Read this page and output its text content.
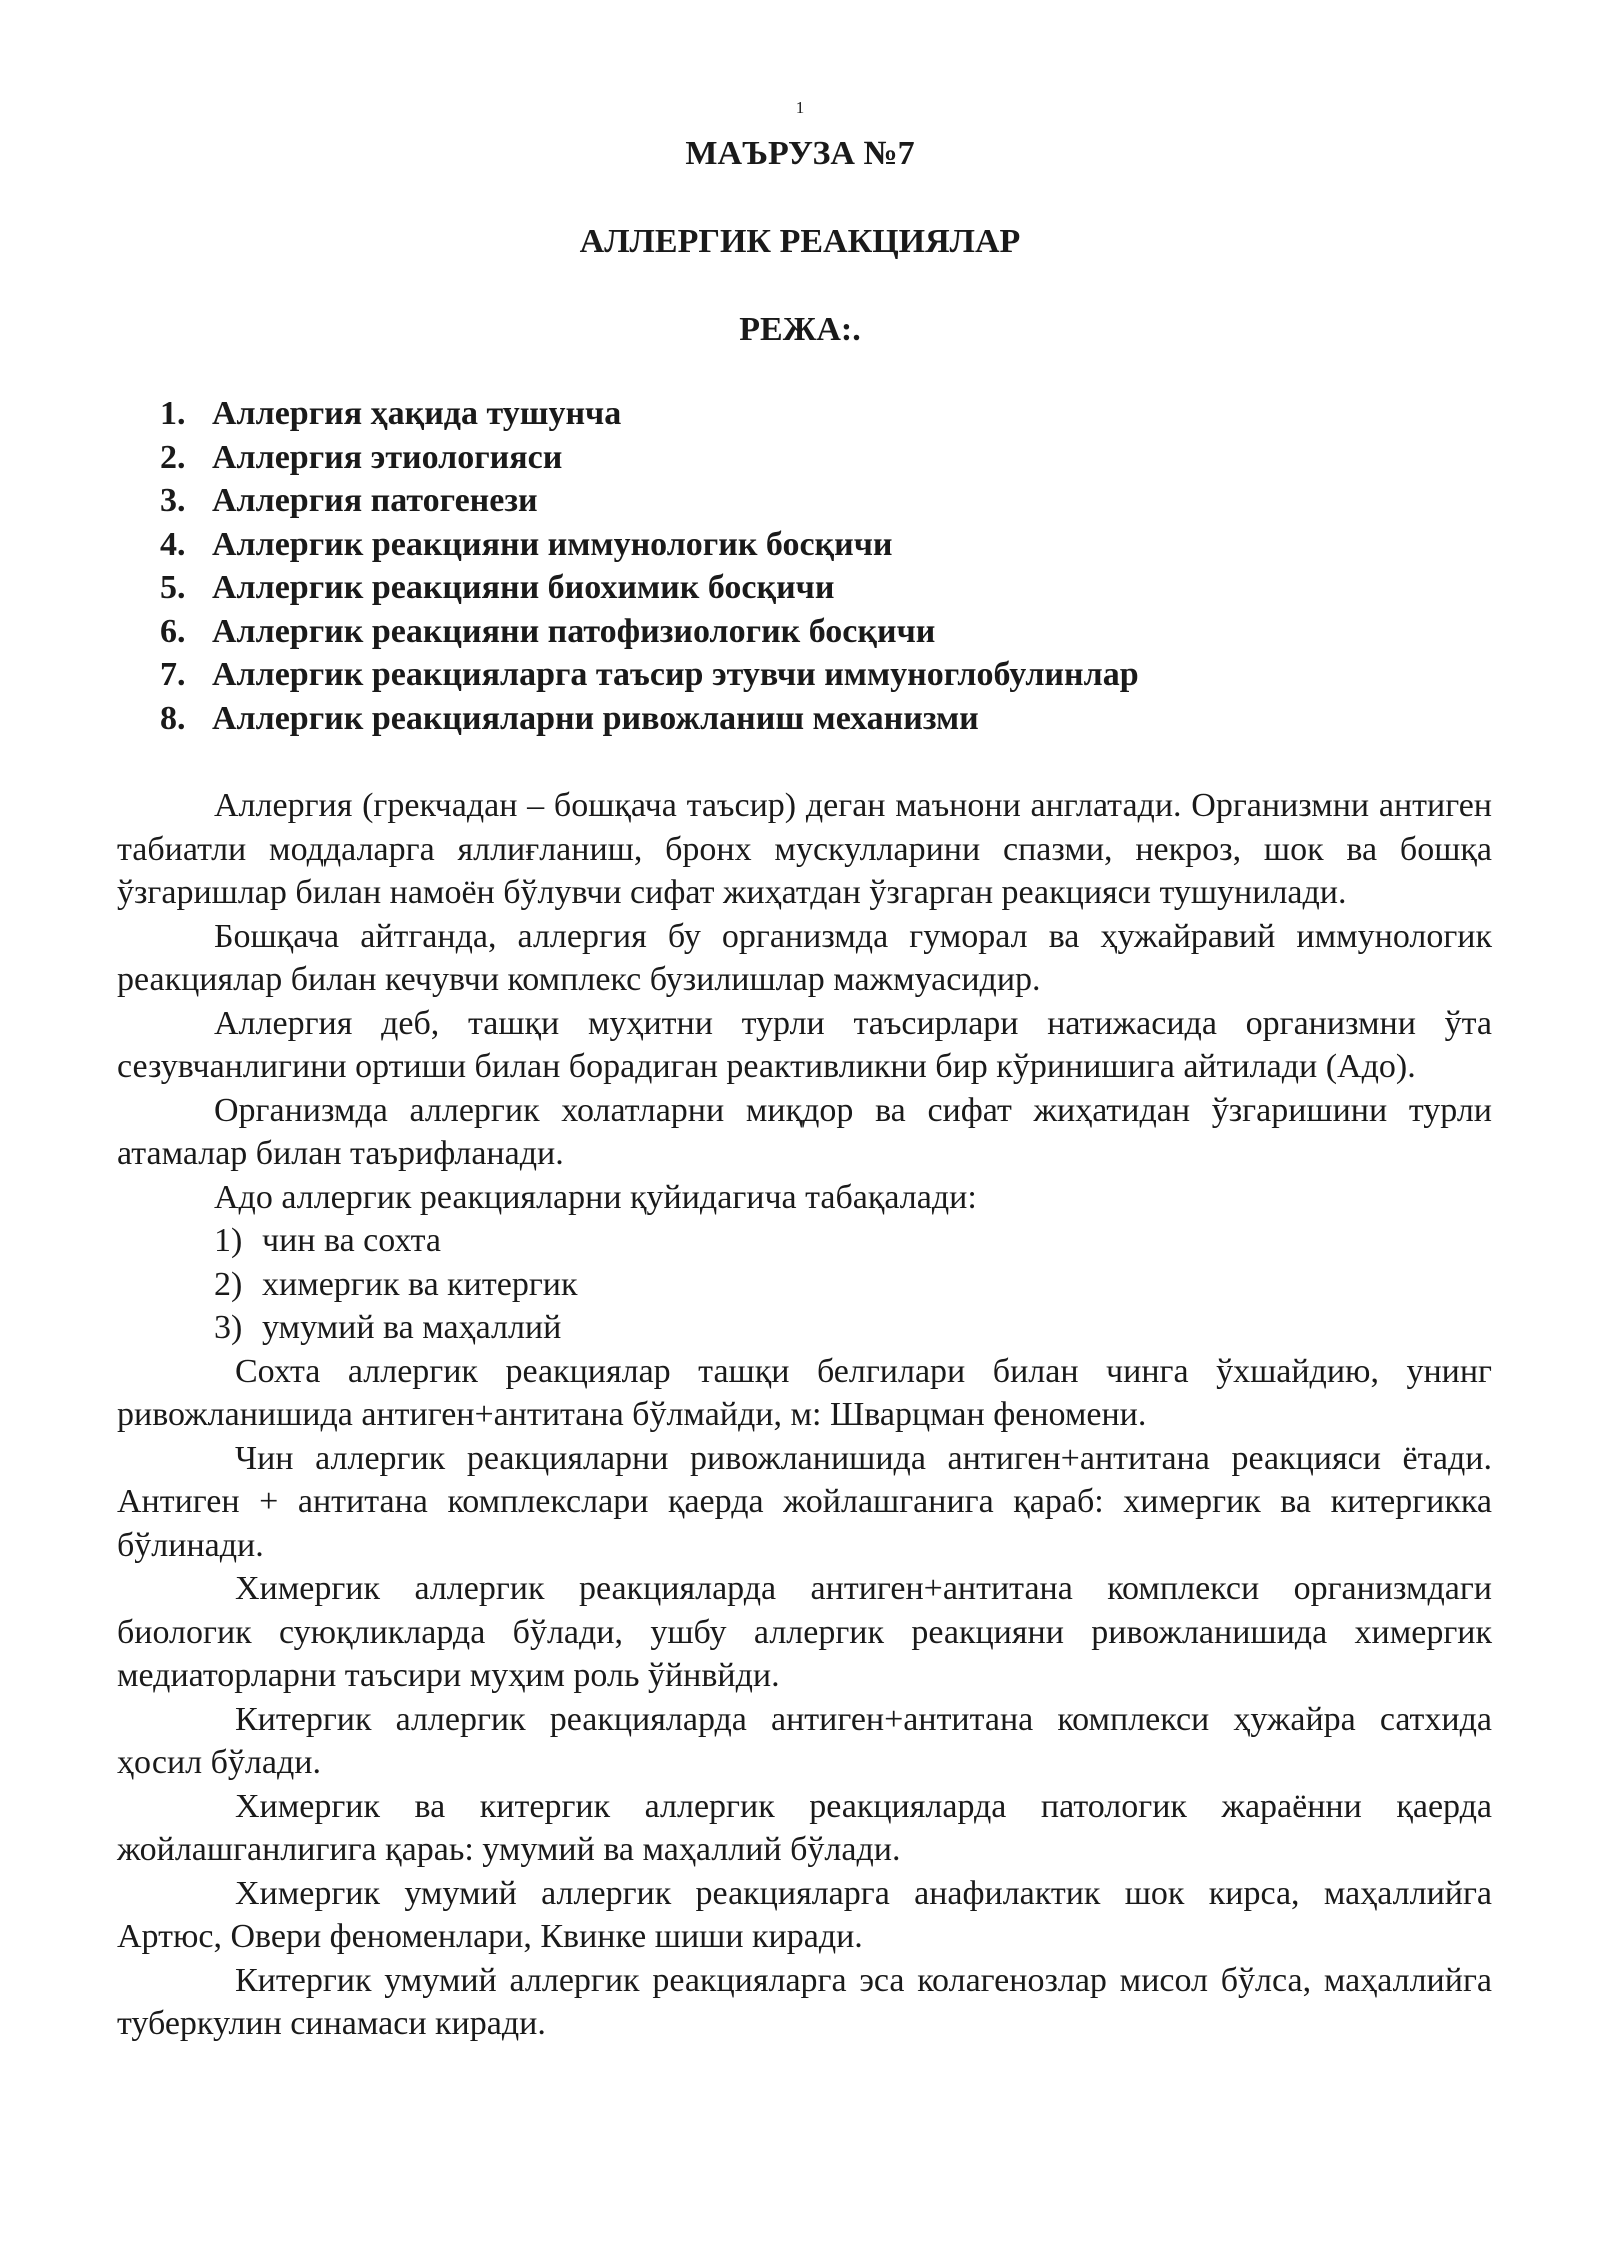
1
МАЪРУЗА №7
АЛЛЕРГИК РЕАКЦИЯЛАР
РЕЖА:.
1. Аллергия ҳақида тушунча
2. Аллергия этиологияси
3. Аллергия патогенези
4. Аллергик реакцияни иммунологик босқичи
5. Аллергик реакцияни биохимик босқичи
6. Аллергик реакцияни патофизиологик босқичи
7. Аллергик реакцияларга таъсир этувчи иммуноглобулинлар
8. Аллергик реакцияларни ривожланиш механизми

Аллергия (грекчадан – бошқача таъсир) деган маънони англатади. Организмни антиген табиатли моддаларга яллиғланиш, бронх мускулларини спазми, некроз, шок ва бошқа ўзгаришлар билан намоён бўлувчи сифат жиҳатдан ўзгарган реакцияси тушунилади.

Бошқача айтганда, аллергия бу организмда гуморал ва ҳужайравий иммунологик реакциялар билан кечувчи комплекс бузилишлар мажмуасидир.

Аллергия деб, ташқи муҳитни турли таъсирлари натижасида организмни ўта сезувчанлигини ортиши билан борадиган реактивликни бир кўринишига айтилади (Адо).

Организмда аллергик холатларни миқдор ва сифат жиҳатидан ўзгаришини турли атамалар билан таърифланади.

Адо аллергик реакцияларни қуйидагича табақалади:

1) чин ва сохта
2) химергик ва китергик
3) умумий ва маҳаллий

Сохта аллергик реакциялар ташқи белгилари билан чинга ўхшайдию, унинг ривожланишида антиген+антитана бўлмайди, м: Шварцман феномени.

Чин аллергик реакцияларни ривожланишида антиген+антитана реакцияси ётади. Антиген + антитана комплекслари қаерда жойлашганига қараб: химергик ва китергикка бўлинади.

Химергик аллергик реакцияларда антиген+антитана комплекси организмдаги биологик суюқликларда бўлади, ушбу аллергик реакцияни ривожланишида химергик медиаторларни таъсири муҳим роль ўйнвйди.

Китергик аллергик реакцияларда антиген+антитана комплекси ҳужайра сатхида ҳосил бўлади.

Химергик ва китергик аллергик реакцияларда патологик жараённи қаерда жойлашганлигига қараь: умумий ва маҳаллий бўлади.

Химергик умумий аллергик реакцияларга анафилактик шок кирса, маҳаллийга Артюс, Овери феноменлари, Квинке шиши киради.

Китергик умумий аллергик реакцияларга эса колагенозлар мисол бўлса, маҳаллийга туберкулин синамаси киради.
